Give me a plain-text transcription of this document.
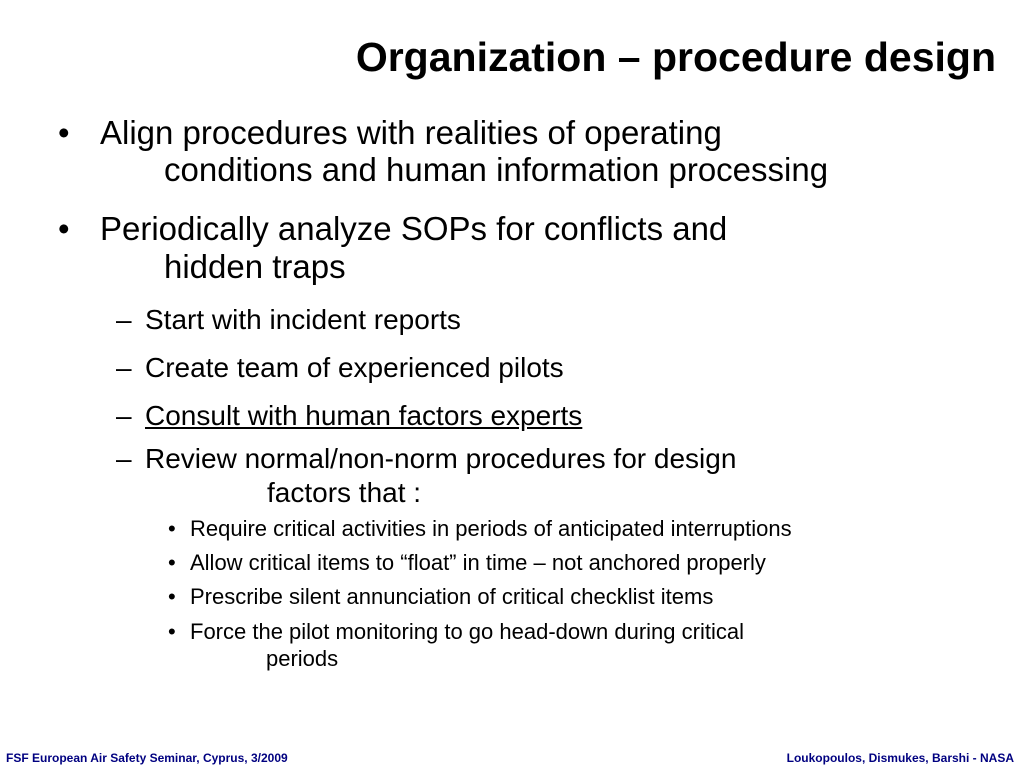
Organization – procedure design
• Align procedures with realities of operating
conditions and human information processing
• Periodically analyze SOPs for conflicts and
hidden traps
– Start with incident reports
– Create team of experienced pilots
– Consult with human factors experts
– Review normal/non-norm procedures for design
factors that :
• Require critical activities in periods of anticipated interruptions
• Allow critical items to “float” in time – not anchored properly
• Prescribe silent annunciation of critical checklist items
• Force the pilot monitoring to go head-down during critical
periods
FSF European Air Safety Seminar, Cyprus, 3/2009	Loukopoulos, Dismukes, Barshi - NASA
